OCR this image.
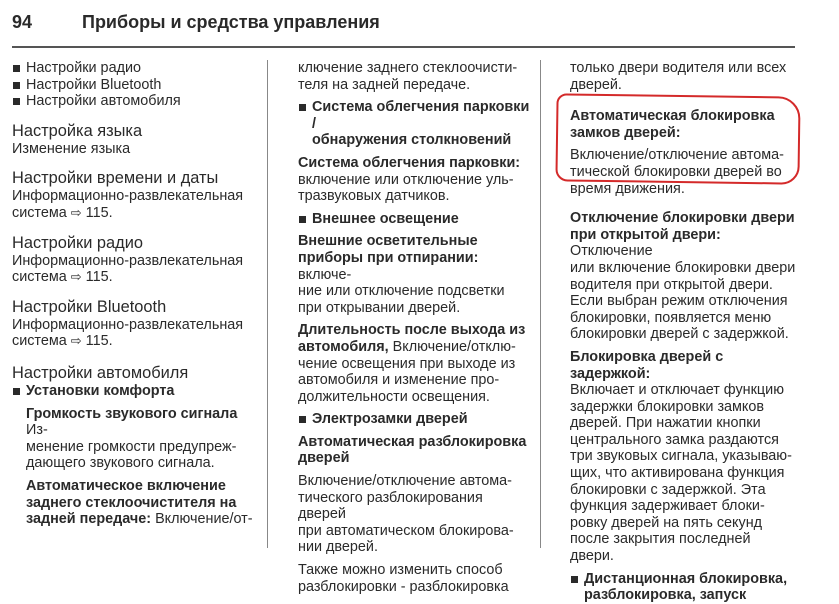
94	Приборы и средства управления
Настройки радио
Настройки Bluetooth
Настройки автомобиля
Настройка языка
Изменение языка
Настройки времени и даты
Информационно-развлекательная
система ⇨ 115.
Настройки радио
Информационно-развлекательная
система ⇨ 115.
Настройки Bluetooth
Информационно-развлекательная
система ⇨ 115.
Настройки автомобиля
Установки комфорта
Громкость звукового сигнала Из-
менение громкости предупреж-
дающего звукового сигнала.
Автоматическое включение
заднего стеклоочистителя на
задней передаче: Включение/от-
ключение заднего стеклоочисти-
теля на задней передаче.
Система облегчения парковки /
обнаружения столкновений
Система облегчения парковки:
включение или отключение уль-
тразвуковых датчиков.
Внешнее освещение
Внешние осветительные
приборы при отпирании: включе-
ние или отключение подсветки
при открывании дверей.
Длительность после выхода из
автомобиля, Включение/отклю-
чение освещения при выходе из
автомобиля и изменение про-
должительности освещения.
Электрозамки дверей
Автоматическая разблокировка
дверей
Включение/отключение автома-
тического разблокирования дверей
при автоматическом блокирова-
нии дверей.
Также можно изменить способ
разблокировки - разблокировка
только двери водителя или всех
дверей.
Автоматическая блокировка
замков дверей:
Включение/отключение автома-
тической блокировки дверей во
время движения.
Отключение блокировки двери
при открытой двери: Отключение
или включение блокировки двери
водителя при открытой двери.
Если выбран режим отключения
блокировки, появляется меню
блокировки дверей с задержкой.
Блокировка дверей с задержкой:
Включает и отключает функцию
задержки блокировки замков
дверей. При нажатии кнопки
центрального замка раздаются
три звуковых сигнала, указываю-
щих, что активирована функция
блокировки с задержкой. Эта
функция задерживает блоки-
ровку дверей на пять секунд
после закрытия последней
двери.
Дистанционная блокировка,
разблокировка, запуск
